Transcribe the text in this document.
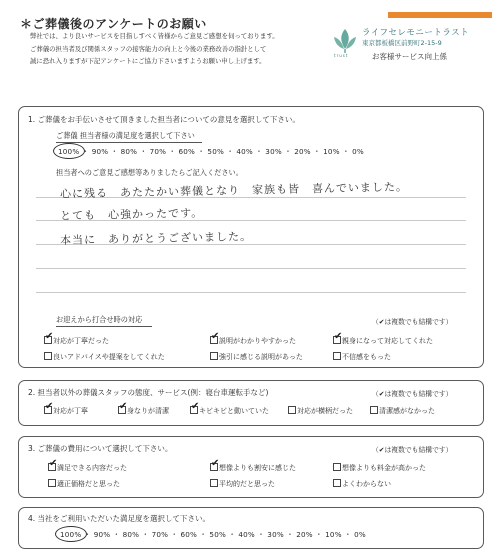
＊ご葬儀後のアンケートのお願い
trust
ライフセレモニートラスト
東京都板橋区前野町2-15-9
お客様サービス向上係
弊社では、より良いサービスを目指しすべく皆様からご意見ご感想を伺っております。
ご葬儀の担当者及び関係スタッフの接客能力の向上と今後の業務改善の指針として
誠に恐れ入りますが下記アンケートにご協力下さいますようお願い申し上げます。
1. ご葬儀をお手伝いさせて頂きました担当者についての意見を選択して下さい。
ご葬儀 担当者様の満足度を選択して下さい
100% ・ 90% ・ 80% ・ 70% ・ 60% ・ 50% ・ 40% ・ 30% ・ 20% ・ 10% ・ 0%
担当者へのご意見ご感想等ありましたらご記入ください。
心に残る　あたたかい葬儀となり　家族も皆　喜んでいました。
とても　心強かったです。
本当に　ありがとうございました。
お迎えから打合せ時の対応	（✔は複数でも結構です）
✔ 対応が丁寧だった	✔ 説明がわかりやすかった	✔ 親身になって対応してくれた
良いアドバイスや提案をしてくれた	強引に感じる説明があった	不信感をもった
2. 担当者以外の葬儀スタッフの態度、サービス(例：寝台車運転手など)	（✔は複数でも結構です）
✔ 対応が丁寧	✔ 身なりが清潔 ✔ キビキビと動いていた	対応が横柄だった	清潔感がなかった
3. ご葬儀の費用について選択して下さい。	（✔は複数でも結構です）
✔ 満足できる内容だった	✔ 想像よりも割安に感じた	想像よりも料金が高かった
適正価格だと思った	平均的だと思った	よくわからない
4. 当社をご利用いただいた満足度を選択して下さい。
100% ・ 90% ・ 80% ・ 70% ・ 60% ・ 50% ・ 40% ・ 30% ・ 20% ・ 10% ・ 0%
